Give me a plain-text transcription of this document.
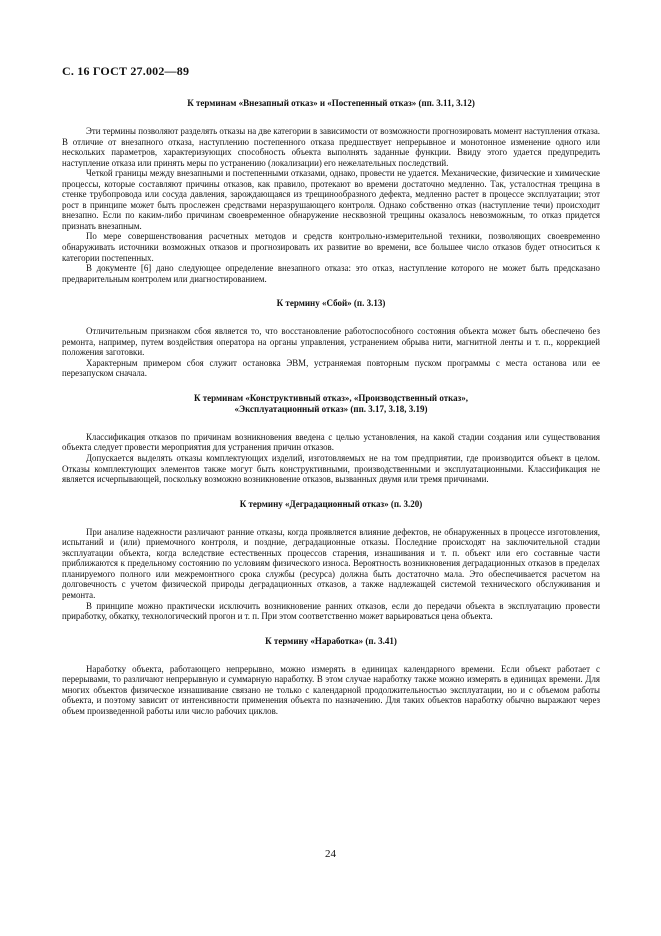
С. 16 ГОСТ 27.002—89
К терминам «Внезапный отказ» и «Постепенный отказ» (пп. 3.11, 3.12)

Эти термины позволяют разделять отказы на две категории в зависимости от возможности прогнозировать момент наступления отказа. В отличие от внезапного отказа, наступлению постепенного отказа предшествует непрерывное и монотонное изменение одного или нескольких параметров, характеризующих способность объекта выполнять заданные функции. Ввиду этого удается предупредить наступление отказа или принять меры по устранению (локализации) его нежелательных последствий.

Четкой границы между внезапными и постепенными отказами, однако, провести не удается. Механические, физические и химические процессы, которые составляют причины отказов, как правило, протекают во времени достаточно медленно. Так, усталостная трещина в стенке трубопровода или сосуда давления, зарождающаяся из трещинообразного дефекта, медленно растет в процессе эксплуатации; этот рост в принципе может быть прослежен средствами неразрушающего контроля. Однако собственно отказ (наступление течи) происходит внезапно. Если по каким-либо причинам своевременное обнаружение несквозной трещины оказалось невозможным, то отказ придется признать внезапным.

По мере совершенствования расчетных методов и средств контрольно-измерительной техники, позволяющих своевременно обнаруживать источники возможных отказов и прогнозировать их развитие во времени, все большее число отказов будет относиться к категории постепенных.

В документе [6] дано следующее определение внезапного отказа: это отказ, наступление которого не может быть предсказано предварительным контролем или диагностированием.

К термину «Сбой» (п. 3.13)

Отличительным признаком сбоя является то, что восстановление работоспособного состояния объекта может быть обеспечено без ремонта, например, путем воздействия оператора на органы управления, устранением обрыва нити, магнитной ленты и т. п., коррекцией положения заготовки.

Характерным примером сбоя служит остановка ЭВМ, устраняемая повторным пуском программы с места останова или ее перезапуском сначала.

К терминам «Конструктивный отказ», «Производственный отказ»,
«Эксплуатационный отказ» (пп. 3.17, 3.18, 3.19)

Классификация отказов по причинам возникновения введена с целью установления, на какой стадии создания или существования объекта следует провести мероприятия для устранения причин отказов.

Допускается выделять отказы комплектующих изделий, изготовляемых не на том предприятии, где производится объект в целом. Отказы комплектующих элементов также могут быть конструктивными, производственными и эксплуатационными. Классификация не является исчерпывающей, поскольку возможно возникновение отказов, вызванных двумя или тремя причинами.

К термину «Деградационный отказ» (п. 3.20)

При анализе надежности различают ранние отказы, когда проявляется влияние дефектов, не обнаруженных в процессе изготовления, испытаний и (или) приемочного контроля, и поздние, деградационные отказы. Последние происходят на заключительной стадии эксплуатации объекта, когда вследствие естественных процессов старения, изнашивания и т. п. объект или его составные части приближаются к предельному состоянию по условиям физического износа. Вероятность возникновения деградационных отказов в пределах планируемого полного или межремонтного срока службы (ресурса) должна быть достаточно мала. Это обеспечивается расчетом на долговечность с учетом физической природы деградационных отказов, а также надлежащей системой технического обслуживания и ремонта.

В принципе можно практически исключить возникновение ранних отказов, если до передачи объекта в эксплуатацию провести приработку, обкатку, технологический прогон и т. п. При этом соответственно может варьироваться цена объекта.

К термину «Наработка» (п. 3.41)

Наработку объекта, работающего непрерывно, можно измерять в единицах календарного времени. Если объект работает с перерывами, то различают непрерывную и суммарную наработку. В этом случае наработку также можно измерять в единицах времени. Для многих объектов физическое изнашивание связано не только с календарной продолжительностью эксплуатации, но и с объемом работы объекта, и поэтому зависит от интенсивности применения объекта по назначению. Для таких объектов наработку обычно выражают через объем произведенной работы или число рабочих циклов.

24
